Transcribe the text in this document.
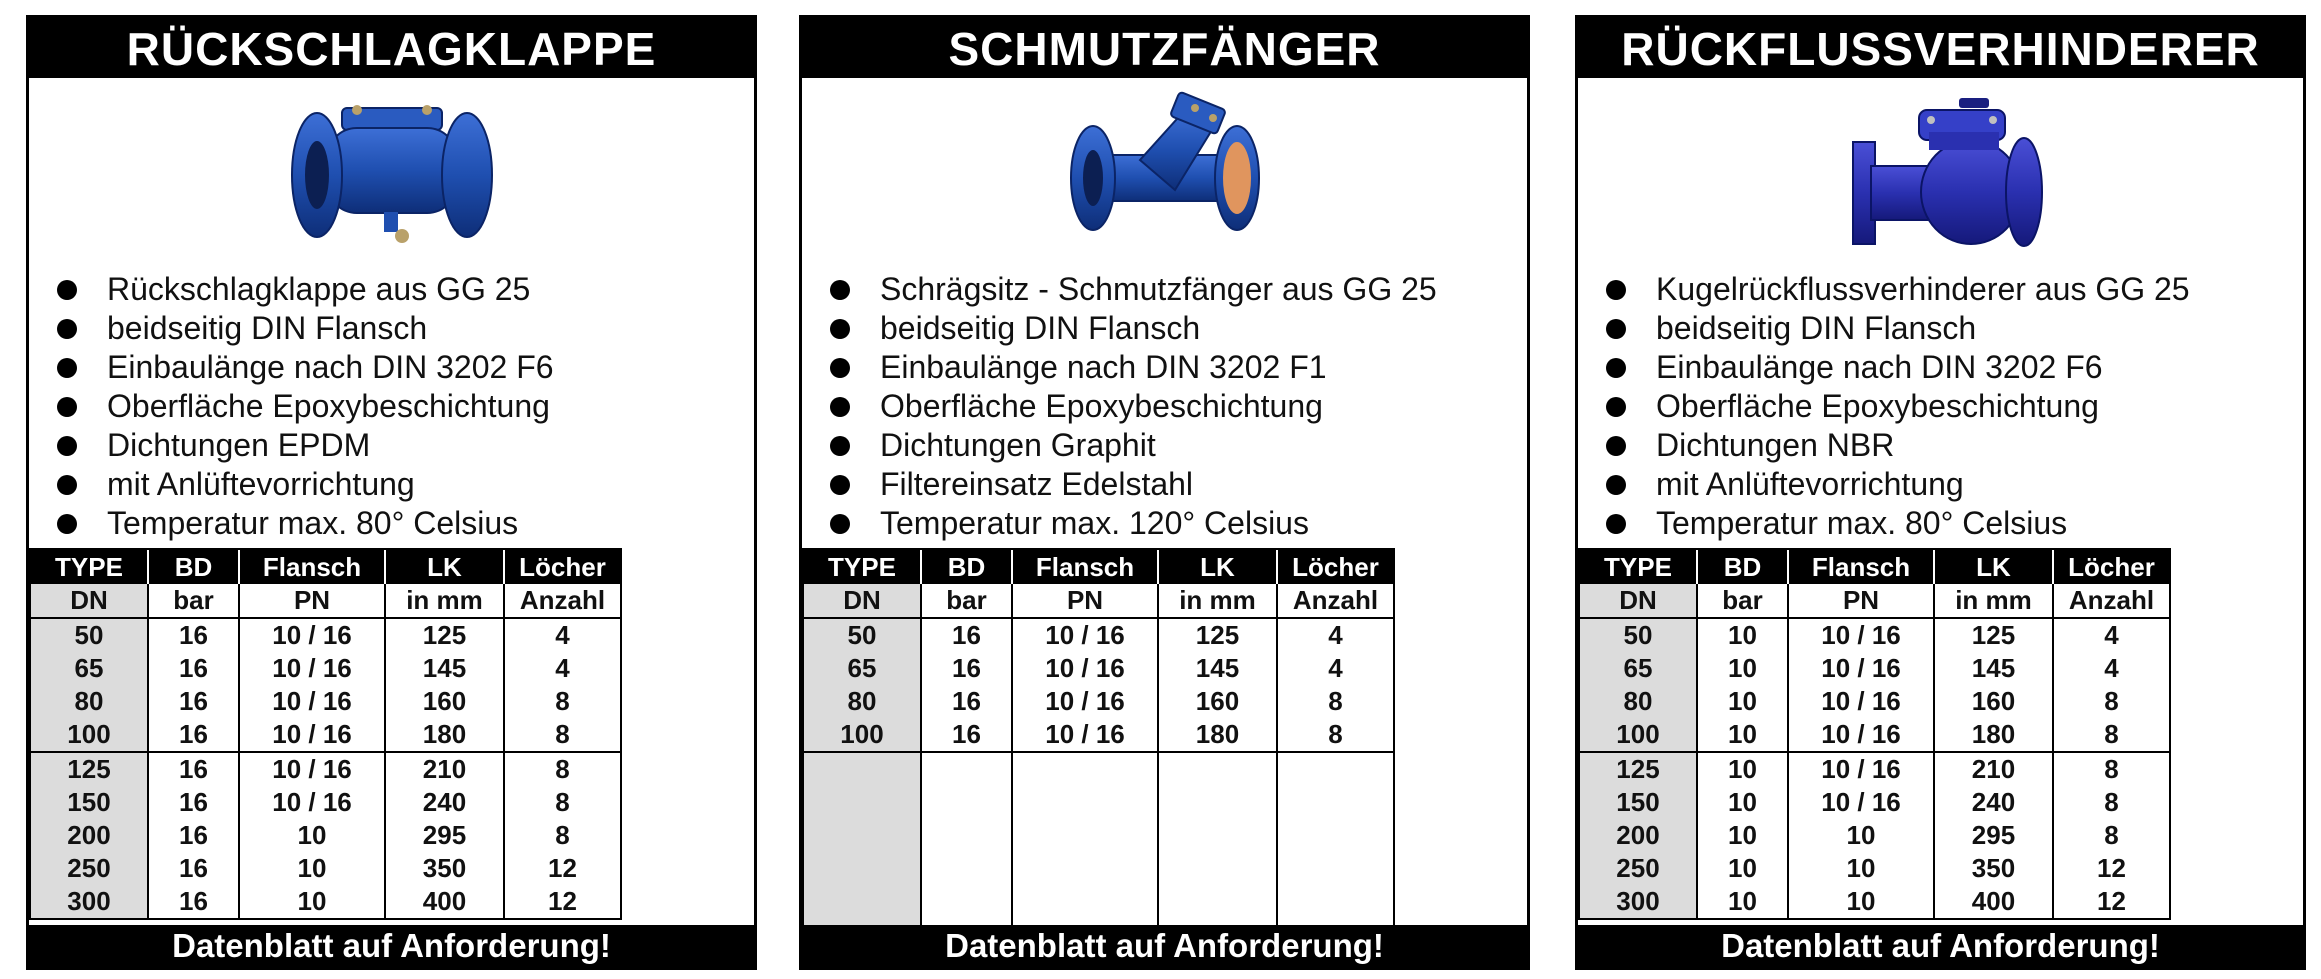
RÜCKSCHLAGKLAPPE
Rückschlagklappe aus GG 25
beidseitig DIN Flansch
Einbaulänge nach DIN 3202 F6
Oberfläche Epoxybeschichtung
Dichtungen EPDM
mit Anlüftevorrichtung
Temperatur max. 80° Celsius
TYPE	BD	Flansch	LK	Löcher
DN	bar	PN	in mm	Anzahl
50	16	10 / 16	125	4
65	16	10 / 16	145	4
80	16	10 / 16	160	8
100	16	10 / 16	180	8
125	16	10 / 16	210	8
150	16	10 / 16	240	8
200	16	10	295	8
250	16	10	350	12
300	16	10	400	12
Datenblatt auf Anforderung!
SCHMUTZFÄNGER
Schrägsitz - Schmutzfänger aus GG 25
beidseitig DIN Flansch
Einbaulänge nach DIN 3202 F1
Oberfläche Epoxybeschichtung
Dichtungen Graphit
Filtereinsatz Edelstahl
Temperatur max. 120° Celsius
TYPE	BD	Flansch	LK	Löcher
DN	bar	PN	in mm	Anzahl
50	16	10 / 16	125	4
65	16	10 / 16	145	4
80	16	10 / 16	160	8
100	16	10 / 16	180	8

Datenblatt auf Anforderung!
RÜCKFLUSSVERHINDERER
Kugelrückflussverhinderer aus GG 25
beidseitig DIN Flansch
Einbaulänge nach DIN 3202 F6
Oberfläche Epoxybeschichtung
Dichtungen NBR
mit Anlüftevorrichtung
Temperatur max. 80° Celsius
TYPE	BD	Flansch	LK	Löcher
DN	bar	PN	in mm	Anzahl
50	10	10 / 16	125	4
65	10	10 / 16	145	4
80	10	10 / 16	160	8
100	10	10 / 16	180	8
125	10	10 / 16	210	8
150	10	10 / 16	240	8
200	10	10	295	8
250	10	10	350	12
300	10	10	400	12
Datenblatt auf Anforderung!
